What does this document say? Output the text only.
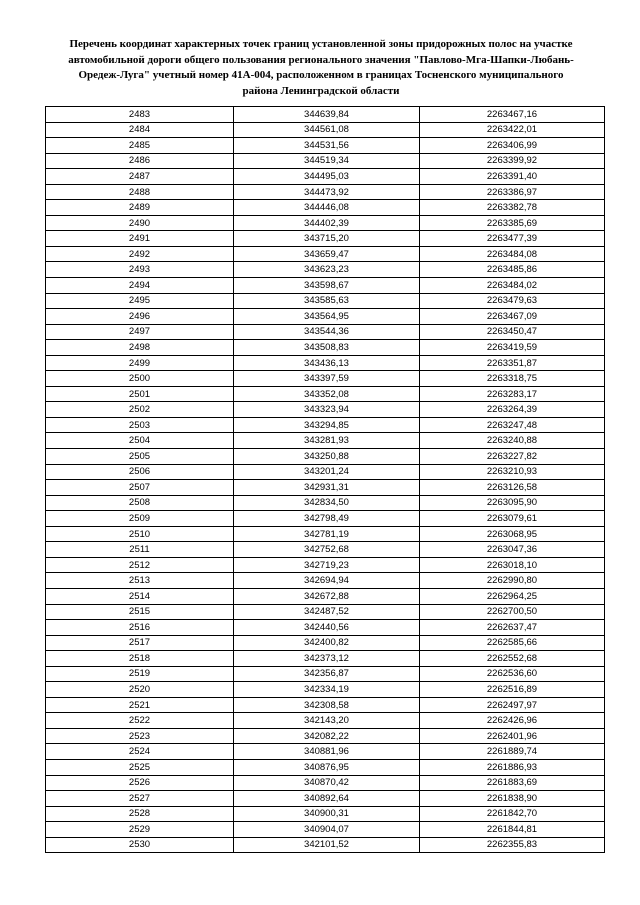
Перечень координат характерных точек границ установленной зоны придорожных полос на участке
автомобильной дороги общего пользования регионального значения "Павлово-Мга-Шапки-Любань-
Оредеж-Луга" учетный номер 41А-004, расположенном в границах Тосненского муниципального
района Ленинградской области
2483	344639,84	2263467,16
2484	344561,08	2263422,01
2485	344531,56	2263406,99
2486	344519,34	2263399,92
2487	344495,03	2263391,40
2488	344473,92	2263386,97
2489	344446,08	2263382,78
2490	344402,39	2263385,69
2491	343715,20	2263477,39
2492	343659,47	2263484,08
2493	343623,23	2263485,86
2494	343598,67	2263484,02
2495	343585,63	2263479,63
2496	343564,95	2263467,09
2497	343544,36	2263450,47
2498	343508,83	2263419,59
2499	343436,13	2263351,87
2500	343397,59	2263318,75
2501	343352,08	2263283,17
2502	343323,94	2263264,39
2503	343294,85	2263247,48
2504	343281,93	2263240,88
2505	343250,88	2263227,82
2506	343201,24	2263210,93
2507	342931,31	2263126,58
2508	342834,50	2263095,90
2509	342798,49	2263079,61
2510	342781,19	2263068,95
2511	342752,68	2263047,36
2512	342719,23	2263018,10
2513	342694,94	2262990,80
2514	342672,88	2262964,25
2515	342487,52	2262700,50
2516	342440,56	2262637,47
2517	342400,82	2262585,66
2518	342373,12	2262552,68
2519	342356,87	2262536,60
2520	342334,19	2262516,89
2521	342308,58	2262497,97
2522	342143,20	2262426,96
2523	342082,22	2262401,96
2524	340881,96	2261889,74
2525	340876,95	2261886,93
2526	340870,42	2261883,69
2527	340892,64	2261838,90
2528	340900,31	2261842,70
2529	340904,07	2261844,81
2530	342101,52	2262355,83
